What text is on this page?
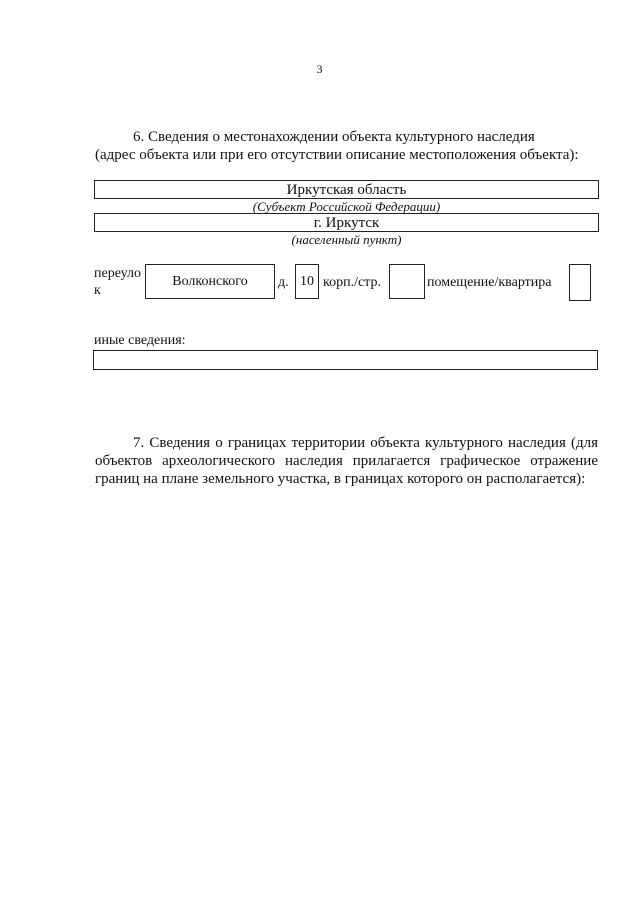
3
6. Сведения о местонахождении объекта культурного наследия
(адрес объекта или при его отсутствии описание местоположения объекта):
Иркутская область
(Субъект Российской Федерации)
г. Иркутск
(населенный пункт)
переуло
к
Волконского	д. 10 корп./стр.	помещение/квартира
иные сведения:
7. Сведения о границах территории объекта культурного наследия (для объектов археологического наследия прилагается графическое отражение границ на плане земельного участка, в границах которого он располагается):
